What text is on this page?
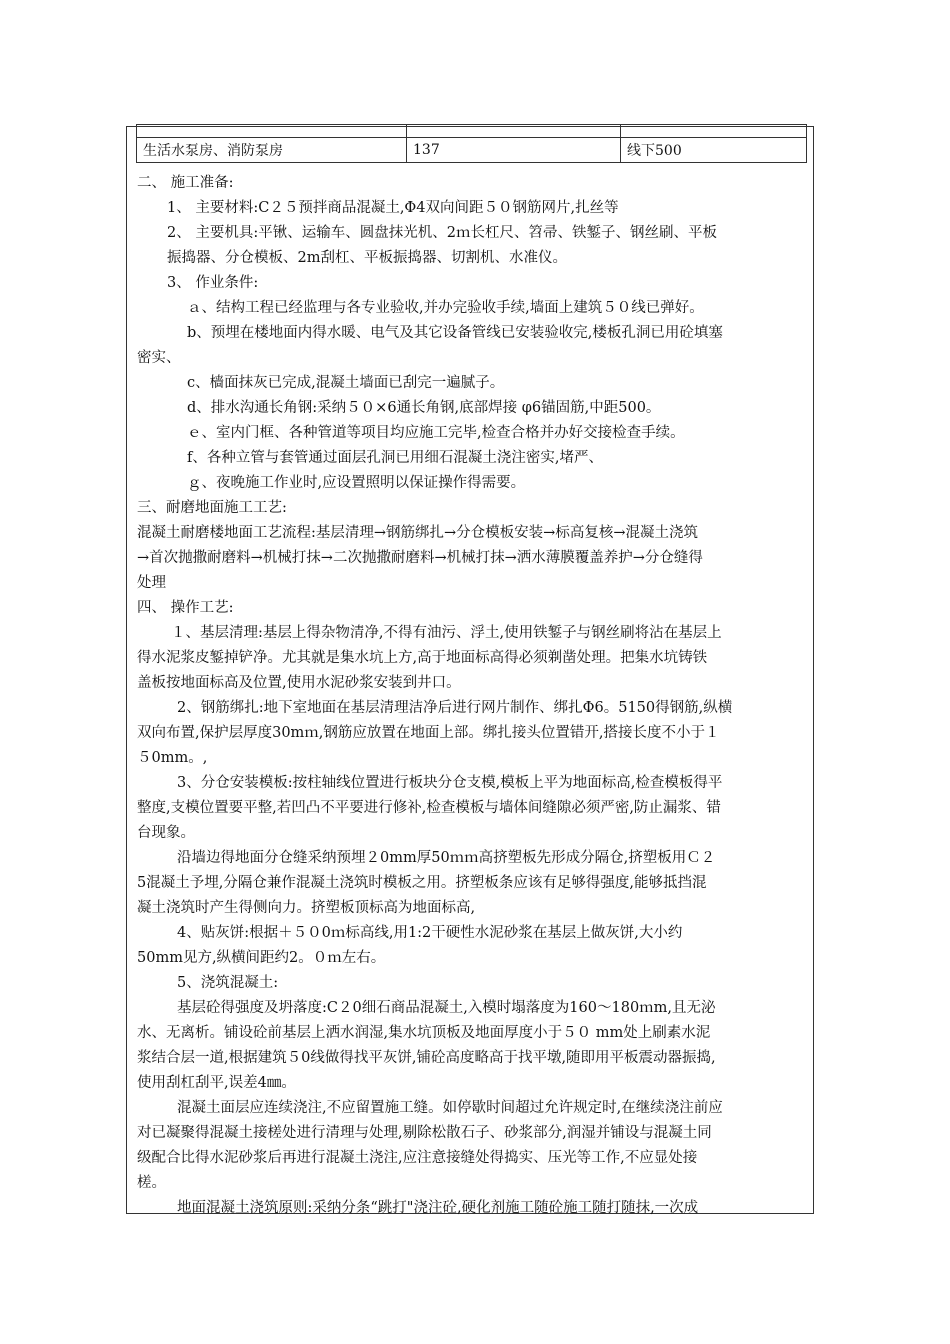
生活水泵房、消防泵房	137	线下500
二、 施工准备:
1、 主要材料:C２５预拌商品混凝土,Φ4双向间距５０钢筋网片,扎丝等
2、 主要机具:平锹、运输车、圆盘抹光机、2ｍ长杠尺、笤帚、铁錾子、钢丝刷、平板
振捣器、分仓模板、2m刮杠、平板振捣器、切割机、水准仪。
3、 作业条件:
ａ、结构工程已经监理与各专业验收,并办完验收手续,墙面上建筑５０线已弹好。
b、预埋在楼地面内得水暖、电气及其它设备管线已安装验收完,楼板孔洞已用砼填塞
密实、
c、樯面抹灰已完成,混凝土墙面已刮完一遍腻子。
d、排水沟通长角钢:采纳５０×6通长角钢,底部焊接 φ6锚固筋,中距500。
ｅ、室内门框、各种管道等项目均应施工完毕,检查合格并办好交接检查手续。
f、各种立管与套管通过面层孔洞已用细石混凝土浇注密实,堵严、
ｇ、夜晚施工作业时,应设置照明以保证操作得需要。
三、耐磨地面施工工艺:
混凝土耐磨楼地面工艺流程:基层清理→钢筋绑扎→分仓模板安装→标高复核→混凝土浇筑
→首次抛撒耐磨料→机械打抹→二次抛撒耐磨料→机械打抹→洒水薄膜覆盖养护→分仓缝得
处理
四、 操作工艺:
１、基层清理:基层上得杂物清净,不得有油污、浮土,使用铁錾子与钢丝刷将沾在基层上
得水泥浆皮錾掉铲净。尤其就是集水坑上方,高于地面标高得必须剃凿处理。把集水坑铸铁
盖板按地面标高及位置,使用水泥砂浆安装到井口。
2、钢筋绑扎:地下室地面在基层清理洁净后进行网片制作、绑扎Φ6。5150得钢筋,纵横
双向布置,保护层厚度30mｍ,钢筋应放置在地面上部。绑扎接头位置错开,搭接长度不小于１
５0mm。,
3、分仓安装模板:按柱轴线位置进行板块分仓支模,模板上平为地面标高,检查模板得平
整度,支模位置要平整,若凹凸不平要进行修补,检查模板与墙体间缝隙必须严密,防止漏浆、错
台现象。
沿墙边得地面分仓缝采纳预埋２0mm厚50ｍｍ高挤塑板先形成分隔仓,挤塑板用Ｃ２
5混凝土予埋,分隔仓兼作混凝土浇筑时模板之用。挤塑板条应该有足够得强度,能够抵挡混
凝土浇筑时产生得侧向力。挤塑板顶标高为地面标高,
4、贴灰饼:根据＋５０0ｍ标高线,用1:2干硬性水泥砂浆在基层上做灰饼,大小约
50mm见方,纵横间距约2。０ｍ左右。
5、浇筑混凝土:
基层砼得强度及坍落度:C２0细石商品混凝土,入模时塌落度为160～180ｍm,且无泌
水、无离析。铺设砼前基层上洒水润湿,集水坑顶板及地面厚度小于５０ mm处上刷素水泥
浆结合层一道,根据建筑５0线做得找平灰饼,铺砼高度略高于找平墩,随即用平板震动器振捣,
使用刮杠刮平,误差4㎜。
混凝土面层应连续浇注,不应留置施工缝。如停歇时间超过允许规定时,在继续浇注前应
对已凝聚得混凝土接槎处进行清理与处理,剔除松散石子、砂浆部分,润湿并铺设与混凝土同
级配合比得水泥砂浆后再进行混凝土浇注,应注意接缝处得捣实、压光等工作,不应显处接
槎。
地面混凝土浇筑原则:采纳分条“跳打"浇注砼,硬化剂施工随砼施工随打随抹,一次成
